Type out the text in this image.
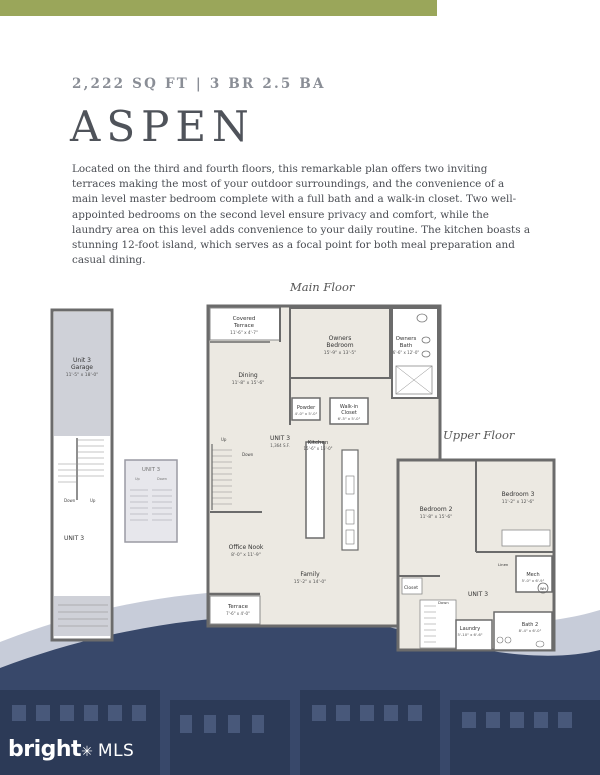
2,222 SQ FT | 3 BR 2.5 BA
ASPEN
Located on the third and fourth floors, this remarkable plan offers two inviting terraces making the most of your outdoor surroundings, and the convenience of a main level master bedroom complete with a full bath and a walk-in closet. Two well-appointed bedrooms on the second level ensure privacy and comfort, while the laundry area on this level adds convenience to your daily routine. The kitchen boasts a stunning 12-foot island, which serves as a focal point for both meal preparation and casual dining.
Main Floor
Upper Floor
Unit 3
Garage
11'-5" x 18'-0"
UNIT 3
Down	Up
UNIT 3
Up	Down
Covered
Terrace
11'-6" x 4'-7"
Owners
Bedroom
15'-9" x 13'-5"
Owners
Bath
6'-6" x 12'-0"
Dining
11'-8" x 15'-6"
Powder
4'-0" x 5'-0"
Walk-in
Closet
6'-5" x 5'-0"
UNIT 3
1,364 S.F.	Kitchen
15'-6" x 15'-0"
Up
Down
Office Nook
8'-0" x 11'-9"
Family
15'-2" x 14'-0"
Terrace
7'-6" x 4'-0"
Bedroom 2
11'-8" x 15'-6"
Bedroom 3
11'-2" x 12'-6"
Closet
Linen
Mech
5'-0" x 6'-9"
WH
UNIT 3
Down
Laundry
5'-10" x 6'-6"
Bath 2
8'-4" x 6'-0"
bright✳ MLS
